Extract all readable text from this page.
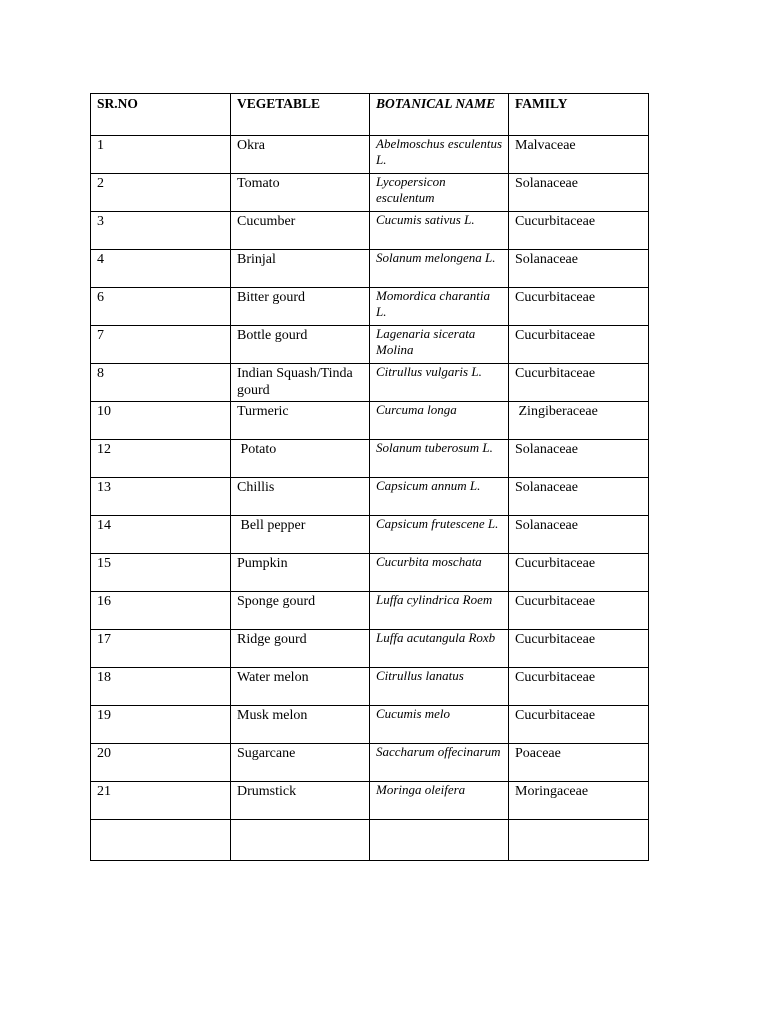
SR.NO	VEGETABLE	BOTANICAL NAME	FAMILY
1	Okra	Abelmoschus esculentus L.	Malvaceae
2	Tomato	Lycopersicon esculentum	Solanaceae
3	Cucumber	Cucumis sativus L.	Cucurbitaceae
4	Brinjal	Solanum melongena L.	Solanaceae
6	Bitter gourd	Momordica charantia L.	Cucurbitaceae
7	Bottle gourd	Lagenaria sicerata Molina	Cucurbitaceae
8	Indian Squash/Tinda gourd	Citrullus vulgaris L.	Cucurbitaceae
10	Turmeric	Curcuma longa	Zingiberaceae
12	Potato	Solanum tuberosum L.	Solanaceae
13	Chillis	Capsicum annum L.	Solanaceae
14	Bell pepper	Capsicum frutescene L.	Solanaceae
15	Pumpkin	Cucurbita moschata	Cucurbitaceae
16	Sponge gourd	Luffa cylindrica Roem	Cucurbitaceae
17	Ridge gourd	Luffa acutangula Roxb	Cucurbitaceae
18	Water melon	Citrullus lanatus	Cucurbitaceae
19	Musk melon	Cucumis melo	Cucurbitaceae
20	Sugarcane	Saccharum offecinarum	Poaceae
21	Drumstick	Moringa oleifera	Moringaceae
